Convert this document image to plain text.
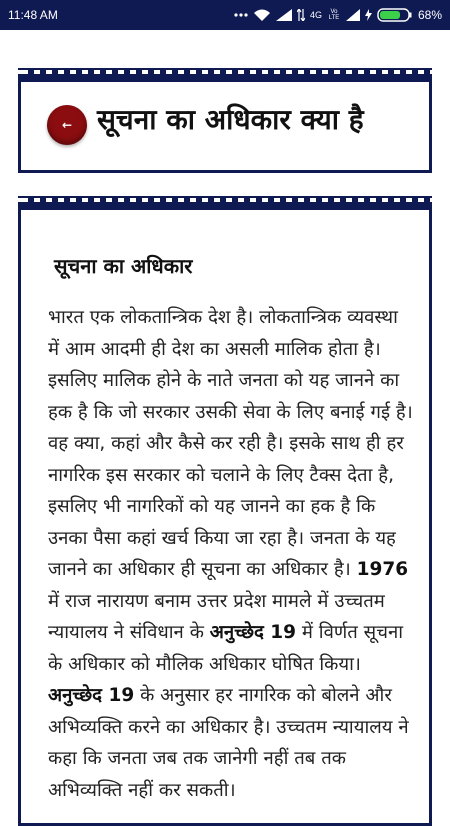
11:48 AM	4G	Vo LTE	68%
← सूचना का अधिकार क्या है
सूचना का अधिकार

भारत एक लोकतान्त्रिक देश है। लोकतान्त्रिक व्यवस्था में आम आदमी ही देश का असली मालिक होता है। इसलिए मालिक होने के नाते जनता को यह जानने का हक है कि जो सरकार उसकी सेवा के लिए बनाई गई है। वह क्या, कहां और कैसे कर रही है। इसके साथ ही हर नागरिक इस सरकार को चलाने के लिए टैक्स देता है, इसलिए भी नागरिकों को यह जानने का हक है कि उनका पैसा कहां खर्च किया जा रहा है। जनता के यह जानने का अधिकार ही सूचना का अधिकार है। 1976 में राज नारायण बनाम उत्तर प्रदेश मामले में उच्चतम न्यायालय ने संविधान के अनुच्छेद 19 में विर्णत सूचना के अधिकार को मौलिक अधिकार घोषित किया। अनुच्छेद 19 के अनुसार हर नागरिक को बोलने और अभिव्यक्ति करने का अधिकार है। उच्चतम न्यायालय ने कहा कि जनता जब तक जानेगी नहीं तब तक अभिव्यक्ति नहीं कर सकती।
